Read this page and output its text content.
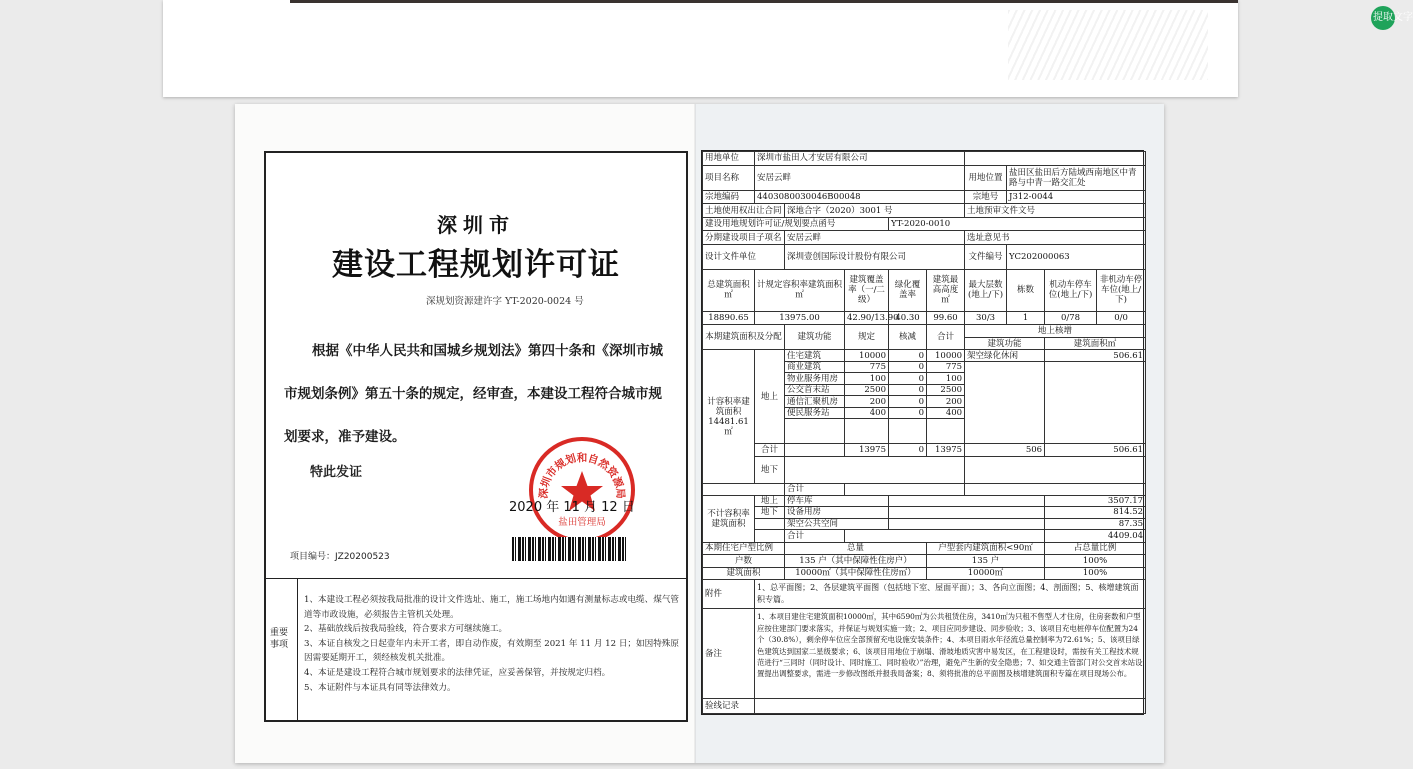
提取文字
深圳市
建设工程规划许可证
深规划资源建许字 YT-2020-0024 号
根据《中华人民共和国城乡规划法》第四十条和《深圳市城市规划条例》第五十条的规定，经审查，本建设工程符合城市规划要求，准予建设。
特此发证
深圳市规划和自然资源局
盐田管理局
2020 年 11 月 12 日
项目编号：JZ20200523
重要事项
1、本建设工程必须按我局批准的设计文件选址、施工，施工场地内如遇有测量标志或电缆、煤气管道等市政设施，必须报告主管机关处理。
2、基础放线后按我局验线，符合要求方可继续施工。
3、本证自核发之日起壹年内未开工者，即自动作废，有效期至 2021 年 11 月 12 日；如因特殊原因需要延期开工，须经核发机关批准。
4、本证是建设工程符合城市规划要求的法律凭证，应妥善保管，并按规定归档。
5、本证附件与本证具有同等法律效力。
用地单位	深圳市盐田人才安居有限公司								
项目名称	安居云畔					用地位置	盐田区盐田后方陆域西南地区中青路与中青一路交汇处		
宗地编码	4403080030046B00048					宗地号	J312-0044		
土地使用权出让合同		深地合字（2020）3001 号				土地预审文件文号			
建设用地规划许可证/规划要点函号				YT-2020-0010					
分期建设项目子项名		安居云畔				选址意见书			
设计文件单位		深圳壹创国际设计股份有限公司				文件编号	YC202000063		
总建筑面积㎡	计规定容积率建筑面积㎡		建筑覆盖率（一/二级）	绿化覆盖率	建筑最高高度㎡	最大层数(地上/下)	栋数	机动车停车位(地上/下)	非机动车停车位(地上/下)
18890.65	13975.00		42.90/13.90	40.30	99.60	30/3	1	0/78	0/0
本期建筑面积及分配		建筑功能	规定	核减	合计	地上核增			
						建筑功能		建筑面积㎡	
计容积率建筑面积14481.61㎡	地上	住宅建筑	10000	0	10000	架空绿化休闲		506.61	
		商业建筑	775	0	775				
		物业服务用房	100	0	100				
		公交首末站	2500	0	2500				
		通信汇聚机房	200	0	200				
		便民服务站	400	0	400				

	合计		13975	0	13975	506		506.61	
	地下								
		合计							
不计容积率建筑面积	地上	停车库						3507.17	
	地下	设备用房						814.52	
		架空公共空间						87.35	
		合计						4409.04	
本期住宅户型比例		总量			户型套内建筑面积<90㎡			占总量比例	
户数		135 户（其中保障性住房户）			135 户			100%	
建筑面积		10000㎡（其中保障性住房㎡）			10000㎡			100%	
附件	1、总平面图；2、各层建筑平面图（包括地下室、屋面平面）；3、各向立面图；4、剖面图；5、核增建筑面积专篇。								
备注	1、本项目建住宅建筑面积10000㎡，其中6590㎡为公共租赁住房，3410㎡为只租不售型人才住房，住房套数和户型应按住建部门要求落实，并保证与规划实施一致；2、项目应同步建设、同步验收；3、该项目充电桩停车位配置为24个（30.8%），剩余停车位应全部预留充电设施安装条件；4、本项目雨水年径流总量控制率为72.61%；5、该项目绿色建筑达到国家二星级要求；6、该项目用地位于崩塌、滑坡地质灾害中易发区，在工程建设时，需按有关工程技术规范进行“三同时（同时设计、同时施工、同时验收）”治理，避免产生新的安全隐患；7、如交通主管部门对公交首末站设置提出调整要求，需进一步修改图纸并报我局备案；8、须将批准的总平面图及核增建筑面积专篇在项目现场公布。								
验线记录									
